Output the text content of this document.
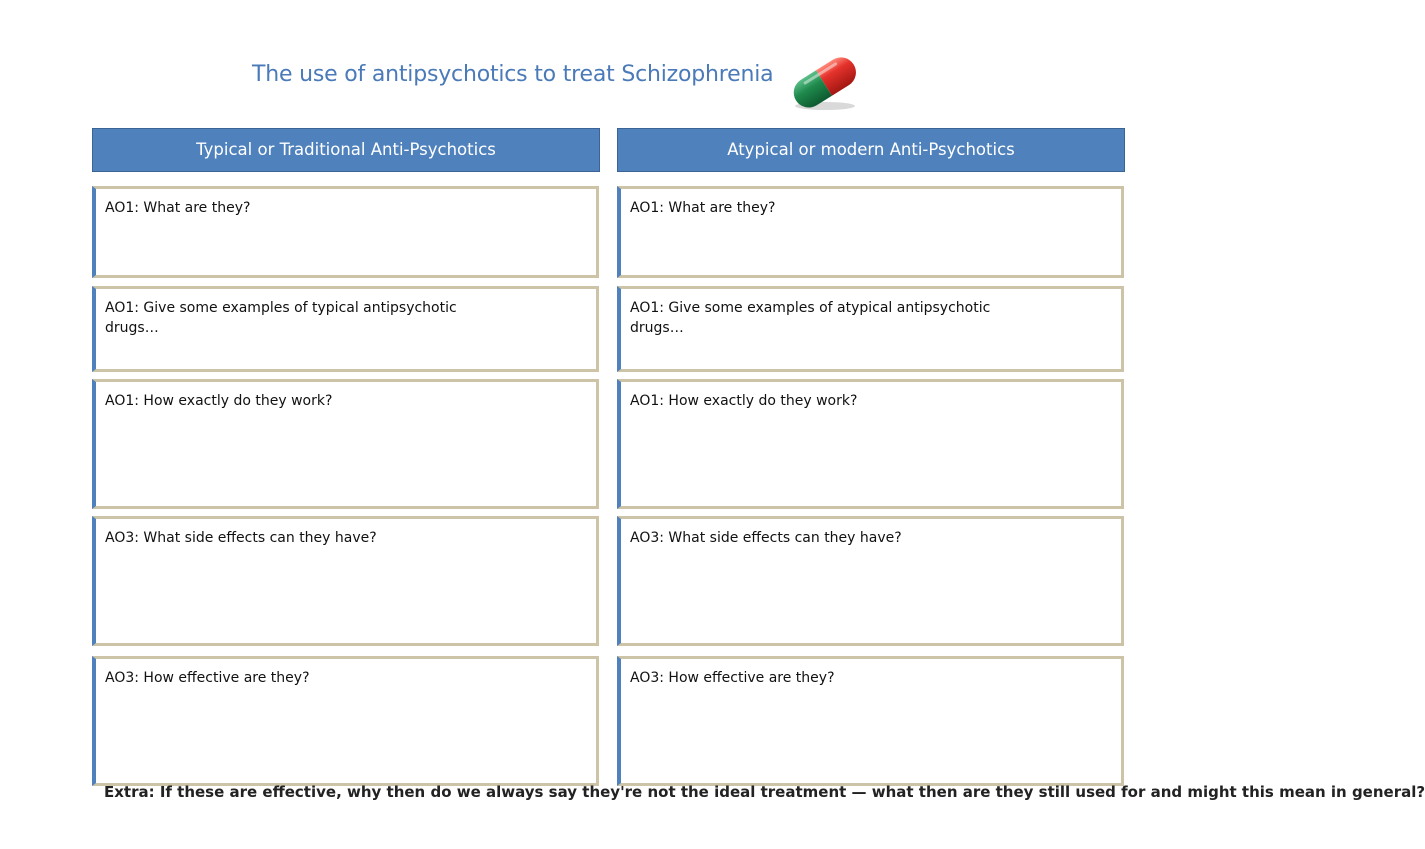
The use of antipsychotics to treat Schizophrenia
Typical or Traditional Anti-Psychotics
AO1: What are they?
AO1: Give some examples of typical antipsychotic drugs…
AO1: How exactly do they work?
AO3: What side effects can they have?
AO3: How effective are they?
Atypical or modern Anti-Psychotics
AO1: What are they?
AO1: Give some examples of atypical antipsychotic drugs…
AO1: How exactly do they work?
AO3: What side effects can they have?
AO3: How effective are they?
Extra: If these are effective, why then do we always say they're not the ideal treatment — what then are they still used for and might this mean in general?
